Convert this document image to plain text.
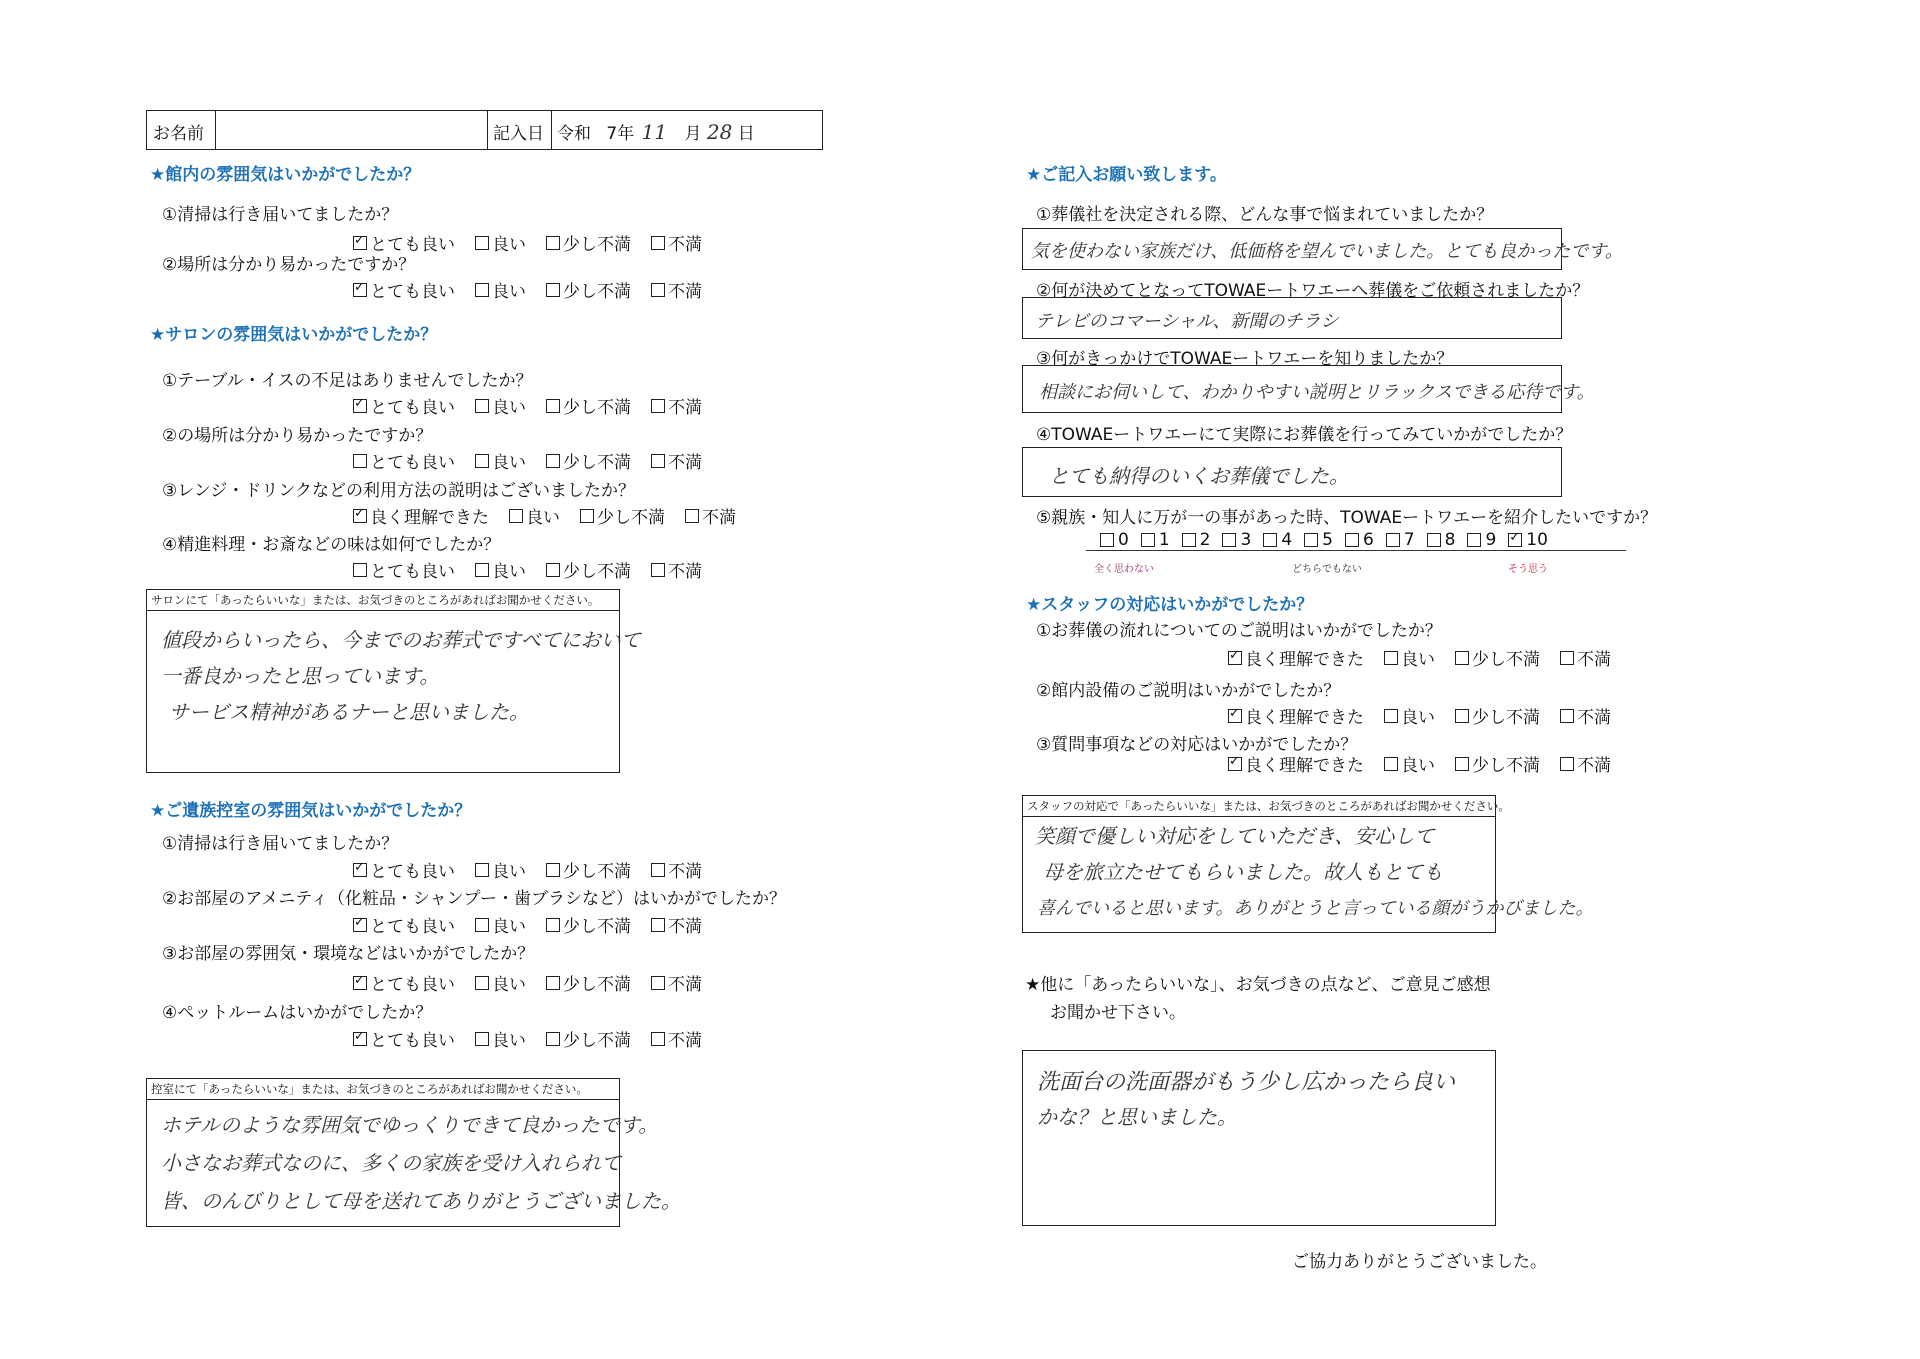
お名前	記入日 令和 7年 11 月 28 日
★館内の雰囲気はいかがでしたか？
①清掃は行き届いてましたか？
✓
とても良い 良い 少し不満 不満
②場所は分かり易かったですか？
✓
とても良い 良い 少し不満 不満
★サロンの雰囲気はいかがでしたか？
①テーブル・イスの不足はありませんでしたか？
✓
とても良い 良い 少し不満 不満
②の場所は分かり易かったですか？
とても良い 良い 少し不満 不満
③レンジ・ドリンクなどの利用方法の説明はございましたか？
✓
良く理解できた 良い 少し不満 不満
④精進料理・お斎などの味は如何でしたか？
とても良い 良い 少し不満 不満
サロンにて「あったらいいな」または、お気づきのところがあればお聞かせください。
値段からいったら、今までのお葬式ですべてにおいて
一番良かったと思っています。
サービス精神があるナーと思いました。
★ご遺族控室の雰囲気はいかがでしたか？
①清掃は行き届いてましたか？
✓
とても良い 良い 少し不満 不満
②お部屋のアメニティ（化粧品・シャンプー・歯ブラシなど）はいかがでしたか？
✓
とても良い 良い 少し不満 不満
③お部屋の雰囲気・環境などはいかがでしたか？
✓
とても良い 良い 少し不満 不満
④ペットルームはいかがでしたか？
✓
とても良い 良い 少し不満 不満
控室にて「あったらいいな」または、お気づきのところがあればお聞かせください。
ホテルのような雰囲気でゆっくりできて良かったです。
小さなお葬式なのに、多くの家族を受け入れられて
皆、のんびりとして母を送れてありがとうございました。
★ご記入お願い致します。
①葬儀社を決定される際、どんな事で悩まれていましたか？
気を使わない家族だけ、低価格を望んでいました。とても良かったです。
②何が決めてとなってTOWAEートワエーへ葬儀をご依頼されましたか？
テレビのコマーシャル、新聞のチラシ
③何がきっかけでTOWAEートワエーを知りましたか？
相談にお伺いして、わかりやすい説明とリラックスできる応待です。
④TOWAEートワエーにて実際にお葬儀を行ってみていかがでしたか？
とても納得のいくお葬儀でした。
⑤親族・知人に万が一の事があった時、TOWAEートワエーを紹介したいですか？
0 1 2 3 4 5 6 7 8 9
✓ 10
全く思わない	どちらでもない	そう思う
★スタッフの対応はいかがでしたか？
①お葬儀の流れについてのご説明はいかがでしたか？
✓
良く理解できた 良い 少し不満 不満
②館内設備のご説明はいかがでしたか？
✓
良く理解できた 良い 少し不満 不満
③質問事項などの対応はいかがでしたか？
✓
良く理解できた 良い 少し不満 不満
スタッフの対応で「あったらいいな」または、お気づきのところがあればお聞かせください。
笑顔で優しい対応をしていただき、安心して
母を旅立たせてもらいました。故人もとても
喜んでいると思います。ありがとうと言っている顔がうかびました。
★他に「あったらいいな」、お気づきの点など、ご意見ご感想
お聞かせ下さい。
洗面台の洗面器がもう少し広かったら良い
かな？と思いました。
ご協力ありがとうございました。
